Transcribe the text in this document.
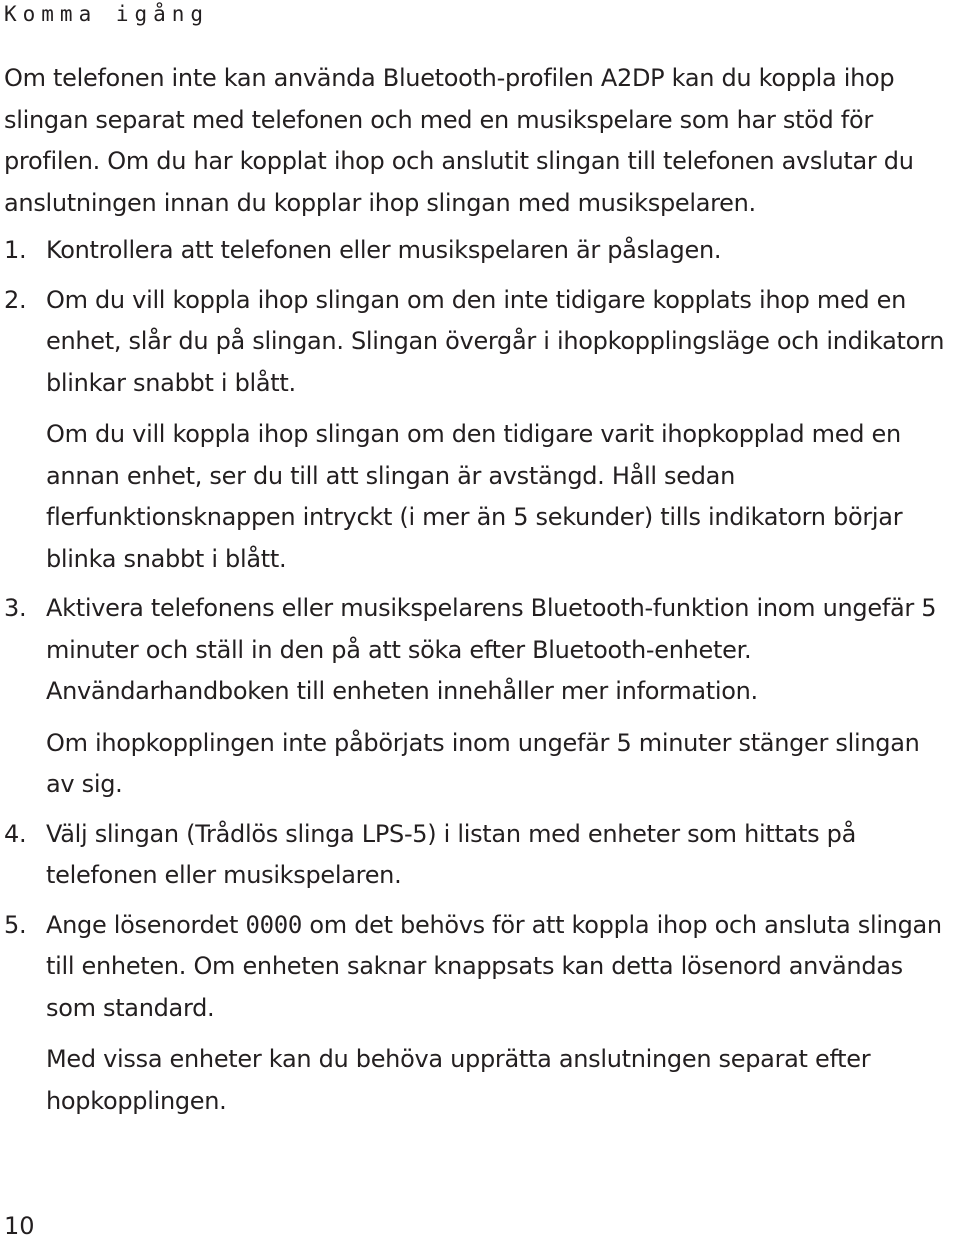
Komma igång

Om telefonen inte kan använda Bluetooth-profilen A2DP kan du koppla ihop slingan separat med telefonen och med en musikspelare som har stöd för profilen. Om du har kopplat ihop och anslutit slingan till telefonen avslutar du anslutningen innan du kopplar ihop slingan med musikspelaren.

1. Kontrollera att telefonen eller musikspelaren är påslagen.

2. Om du vill koppla ihop slingan om den inte tidigare kopplats ihop med en enhet, slår du på slingan. Slingan övergår i ihopkopplingsläge och indikatorn blinkar snabbt i blått.

Om du vill koppla ihop slingan om den tidigare varit ihopkopplad med en annan enhet, ser du till att slingan är avstängd. Håll sedan flerfunktionsknappen intryckt (i mer än 5 sekunder) tills indikatorn börjar blinka snabbt i blått.

3. Aktivera telefonens eller musikspelarens Bluetooth-funktion inom ungefär 5 minuter och ställ in den på att söka efter Bluetooth-enheter. Användarhandboken till enheten innehåller mer information.

Om ihopkopplingen inte påbörjats inom ungefär 5 minuter stänger slingan av sig.

4. Välj slingan (Trådlös slinga LPS-5) i listan med enheter som hittats på telefonen eller musikspelaren.

5. Ange lösenordet 0000 om det behövs för att koppla ihop och ansluta slingan till enheten. Om enheten saknar knappsats kan detta lösenord användas som standard.

Med vissa enheter kan du behöva upprätta anslutningen separat efter hopkopplingen.

10
